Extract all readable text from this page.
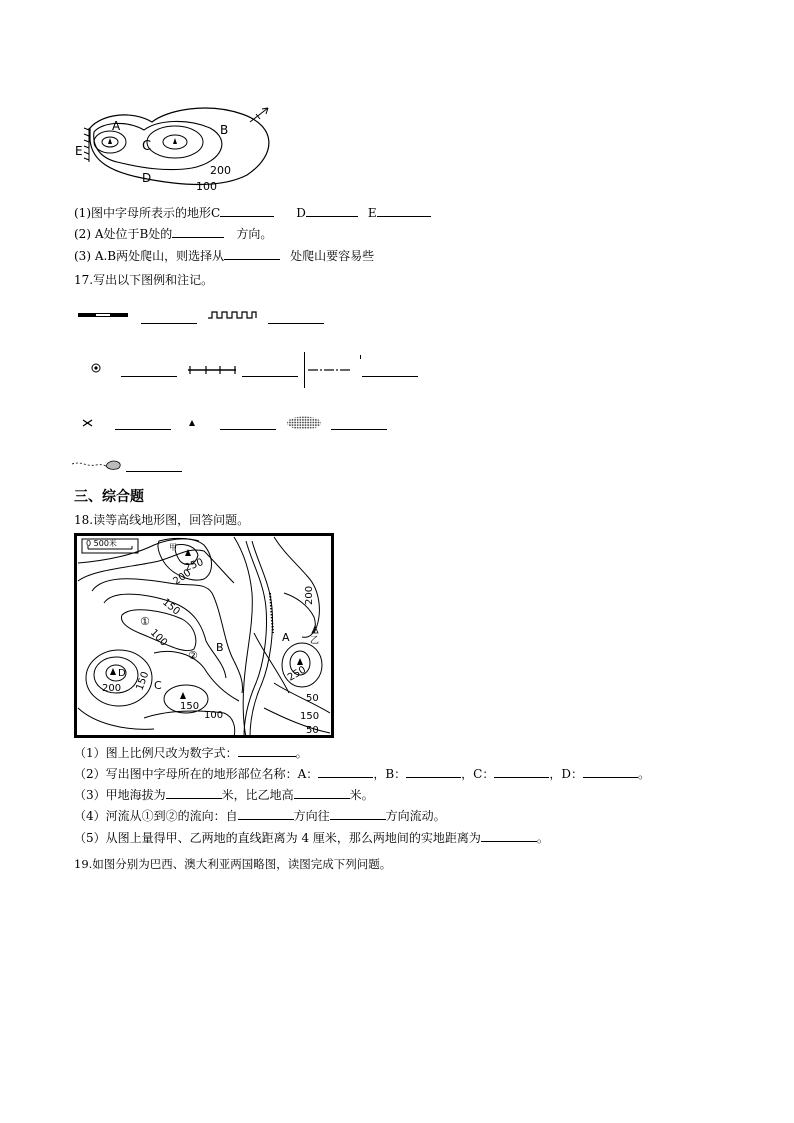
A	B
C
D
E
200
100
(1)图中字母所表示的地形C	D	E
(2) A处位于B处的	方向。
(3) A.B两处爬山，则选择从	处爬山要容易些
17.写出以下图例和注记。
三、综合题
18.读等高线地形图，回答问题。
0 500米	甲
乙
250
200
150
100
200
200
150
150
100
250
150
50
50
A
B
C
D
①
②
（1）图上比例尺改为数字式：	。
（2）写出图中字母所在的地形部位名称：A：	，B：	，C：	，D：	。
（3）甲地海拔为	米，比乙地高	米。
（4）河流从①到②的流向：自	方向往	方向流动。
（5）从图上量得甲、乙两地的直线距离为 4 厘米，那么两地间的实地距离为	。
19.如图分别为巴西、澳大利亚两国略图，读图完成下列问题。
